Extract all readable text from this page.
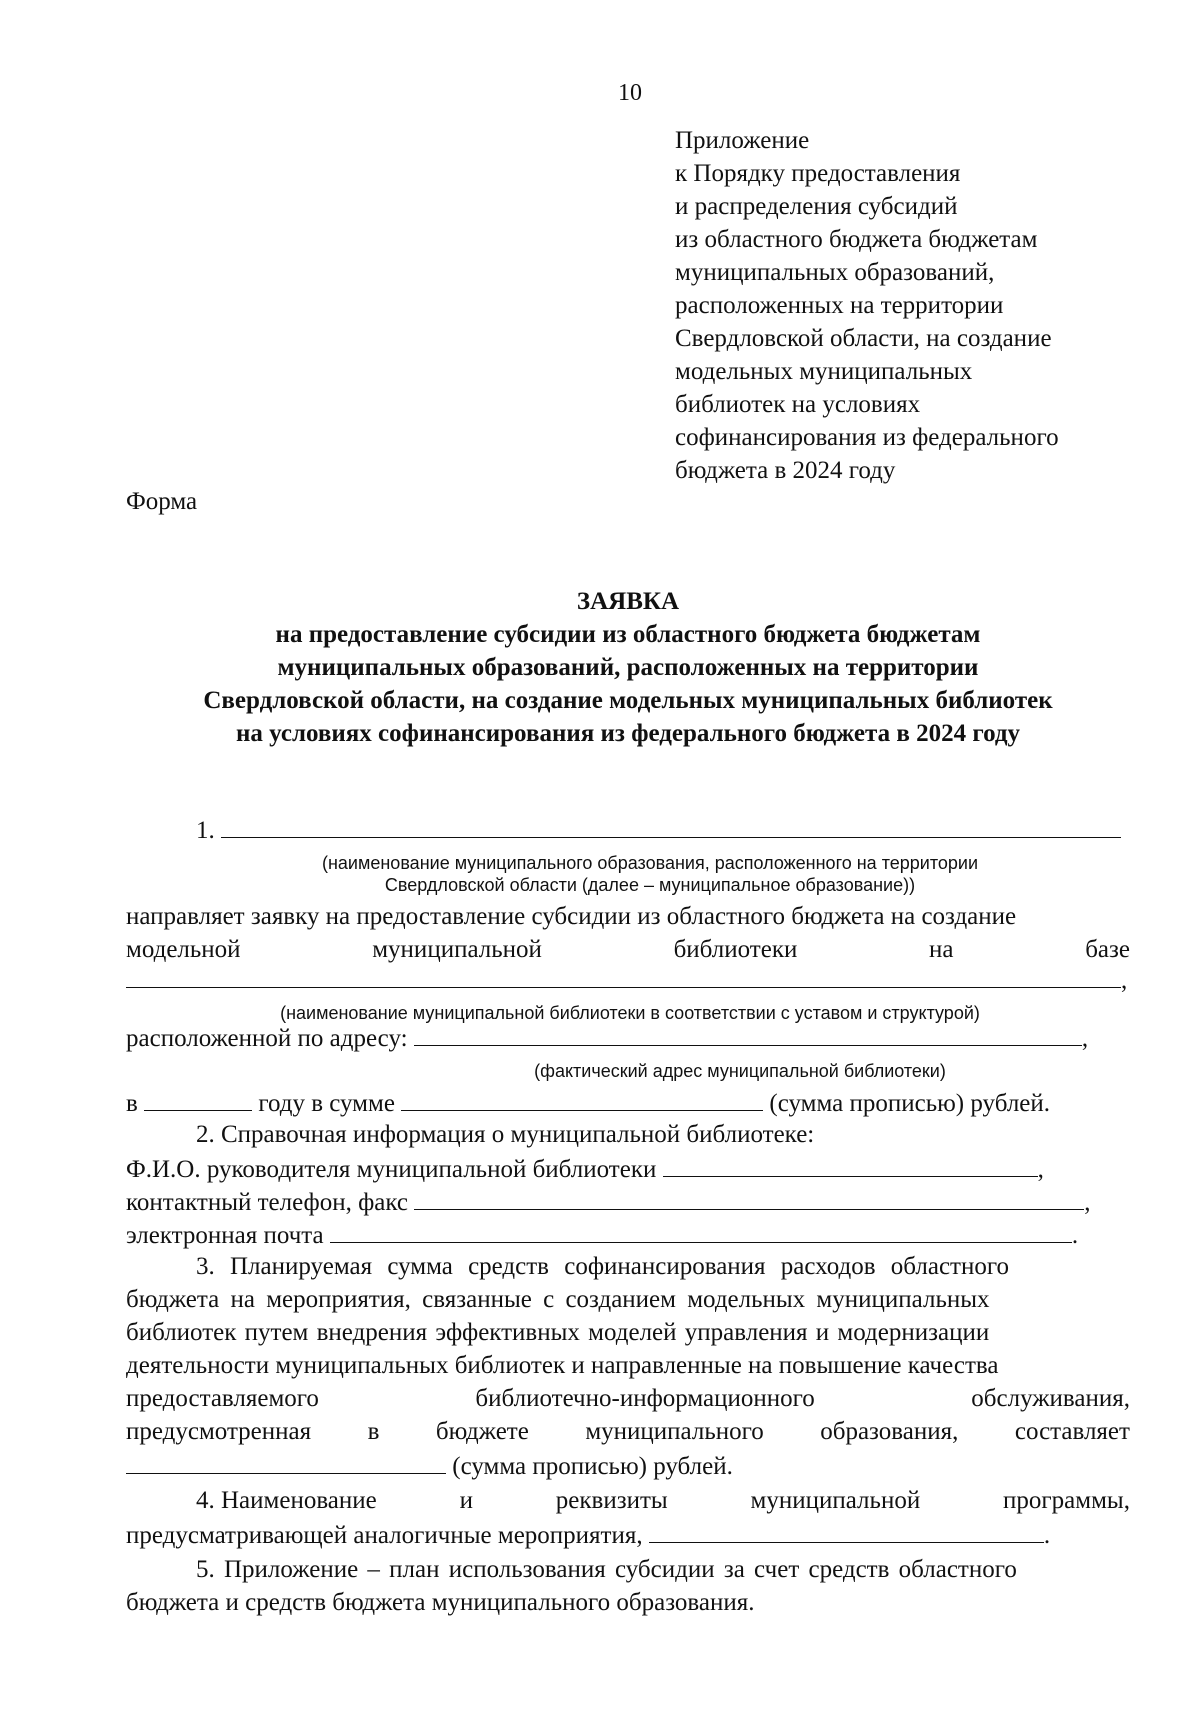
10
Приложение
к Порядку предоставления
и распределения субсидий
из областного бюджета бюджетам
муниципальных образований,
расположенных на территории
Свердловской области, на создание
модельных муниципальных
библиотек на условиях
софинансирования из федерального
бюджета в 2024 году
Форма
ЗАЯВКА
на предоставление субсидии из областного бюджета бюджетам
муниципальных образований, расположенных на территории
Свердловской области, на создание модельных муниципальных библиотек
на условиях софинансирования из федерального бюджета в 2024 году
1.
(наименование муниципального образования, расположенного на территории
Свердловской области (далее – муниципальное образование))
направляет заявку на предоставление субсидии из областного бюджета на создание
модельной	муниципальной	библиотеки	на	базе
,
(наименование муниципальной библиотеки в соответствии с уставом и структурой)
расположенной по адресу:	,
(фактический адрес муниципальной библиотеки)
в	году в сумме	(сумма прописью) рублей.
2. Справочная информация о муниципальной библиотеке:
Ф.И.О. руководителя муниципальной библиотеки	,
контактный телефон, факс	,
электронная почта	.
3. Планируемая сумма средств софинансирования расходов областного
бюджета на мероприятия, связанные с созданием модельных муниципальных
библиотек путем внедрения эффективных моделей управления и модернизации
деятельности муниципальных библиотек и направленные на повышение качества
предоставляемого	библиотечно-информационного	обслуживания,
предусмотренная в бюджете муниципального образования, составляет
(сумма прописью) рублей.
4. Наименование	и	реквизиты	муниципальной	программы,
предусматривающей аналогичные мероприятия,	.
5. Приложение – план использования субсидии за счет средств областного
бюджета и средств бюджета муниципального образования.
